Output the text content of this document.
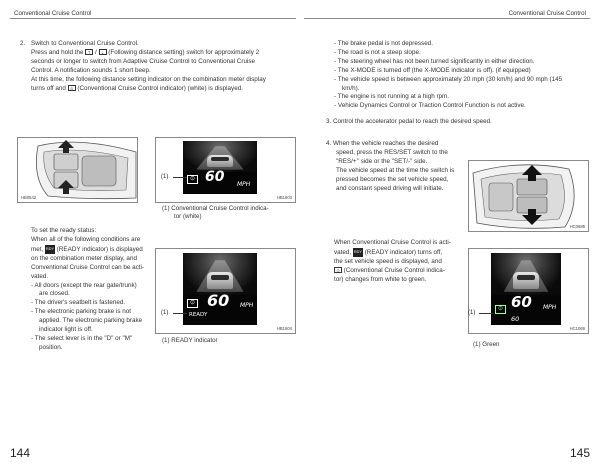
Conventional Cruise Control	Conventional Cruise Control
2. Switch to Conventional Cruise Control.
Press and hold the ⇡ / ⇣ (Following distance setting) switch for approximately 2
seconds or longer to switch from Adaptive Cruise Control to Conventional Cruise
Control. A notification sounds 1 short beep.
At this time, the following distance setting indicator on the combination meter display
turns off and ⊙ (Conventional Cruise Control indicator) (white) is displayed.
HB0542
⊙ 60 MPH
(1)
HB1603
(1) Conventional Cruise Control indica-
tor (white)
To set the ready status:
When all of the following conditions are
met, RDY (READY indicator) is displayed
on the combination meter display, and
Conventional Cruise Control can be acti-
vated.
- All doors (except the rear gate/trunk)
are closed.
- The driver's seatbelt is fastened.
- The electronic parking brake is not
applied. The electronic parking brake
indicator light is off.
- The select lever is in the "D" or "M"
position.
⊙ 60 MPH
READY
(1)
HB1604
(1) READY indicator
144
- The brake pedal is not depressed.
- The road is not a steep slope.
- The steering wheel has not been turned significantly in either direction.
- The X-MODE is turned off (the X-MODE indicator is off). (if equipped)
- The vehicle speed is between approximately 20 mph (30 km/h) and 90 mph (145
km/h).
- The engine is not running at a high rpm.
- Vehicle Dynamics Control or Traction Control Function is not active.
3. Control the accelerator pedal to reach the desired speed.
4. When the vehicle reaches the desired
speed, press the RES/SET switch to the
"RES/+" side or the "SET/-" side.
The vehicle speed at the time the switch is
pressed becomes the set vehicle speed,
and constant speed driving will initiate.
HC0689
When Conventional Cruise Control is acti-
vated, RDY (READY indicator) turns off,
the set vehicle speed is displayed, and
⊙ (Conventional Cruise Control indica-
tor) changes from white to green.
⊙ 60 MPH
60
(1)
HC1069
(1) Green
145
